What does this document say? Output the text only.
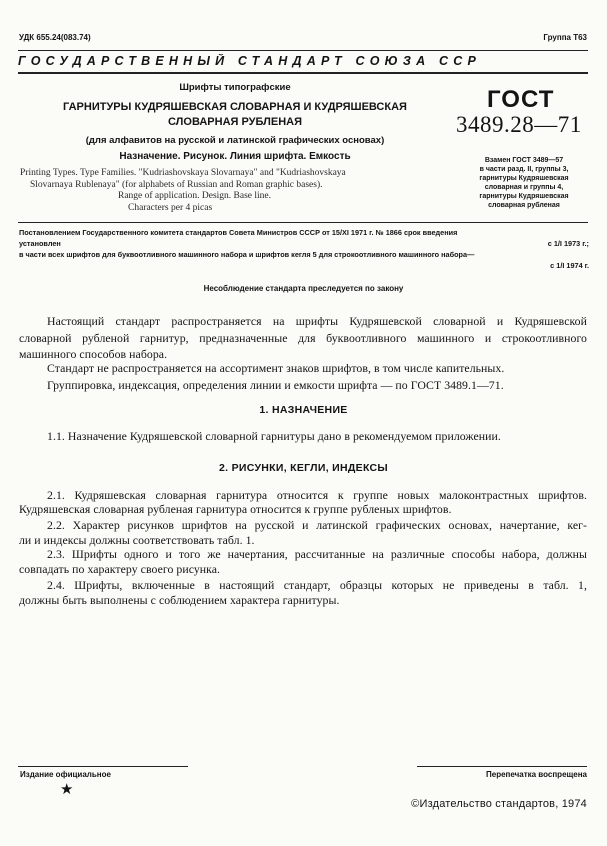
УДК 655.24(083.74)	Группа Т63
ГОСУДАРСТВЕННЫЙ СТАНДАРТ СОЮЗА ССР
Шрифты типографские
ГАРНИТУРЫ КУДРЯШЕВСКАЯ СЛОВАРНАЯ И КУДРЯШЕВСКАЯ
СЛОВАРНАЯ РУБЛЕНАЯ
(для алфавитов на русской и латинской графических основах)
Назначение. Рисунок. Линия шрифта. Емкость
Printing Types. Type Families. "Kudriashovskaya Slovarnaya" and "Kudriashovskaya
Slovarnaya Rublenaya" (for alphabets of Russian and Roman graphic bases).
Range of application. Design. Base line.
Characters per 4 picas
ГОСТ
3489.28—71
Взамен ГОСТ 3489—57
в части разд. II, группы 3,
гарнитуры Кудряшевская
словарная и группы 4,
гарнитуры Кудряшевская
словарная рубленая
Постановлением Государственного комитета стандартов Совета Министров СССР от 15/XI 1971 г. № 1866 срок введения
установлен	с 1/I 1973 г.;
в части всех шрифтов для буквоотливного машинного набора и шрифтов кегля 5 для строкоотливного машинного набора—
с 1/I 1974 г.
Несоблюдение стандарта преследуется по закону
Настоящий стандарт распространяется на шрифты Кудряшевской словарной и Кудряшевской
словарной рубленой гарнитур, предназначенные для буквоотливного машинного и строкоотливного
машинного способов набора.
Стандарт не распространяется на ассортимент знаков шрифтов, в том числе капительных.
Группировка, индексация, определения линии и емкости шрифта — по ГОСТ 3489.1—71.
1. НАЗНАЧЕНИЕ
1.1. Назначение Кудряшевской словарной гарнитуры дано в рекомендуемом приложении.
2. РИСУНКИ, КЕГЛИ, ИНДЕКСЫ
2.1. Кудряшевская словарная гарнитура относится к группе новых малоконтрастных шрифтов.
Кудряшевская словарная рубленая гарнитура относится к группе рубленых шрифтов.
2.2. Характер рисунков шрифтов на русской и латинской графических основах, начертание, кег-
ли и индексы должны соответствовать табл. 1.
2.3. Шрифты одного и того же начертания, рассчитанные на различные способы набора, должны
совпадать по характеру своего рисунка.
2.4. Шрифты, включенные в настоящий стандарт, образцы которых не приведены в табл. 1,
должны быть выполнены с соблюдением характера гарнитуры.
Издание официальное	Перепечатка воспрещена
★
©Издательство стандартов, 1974
